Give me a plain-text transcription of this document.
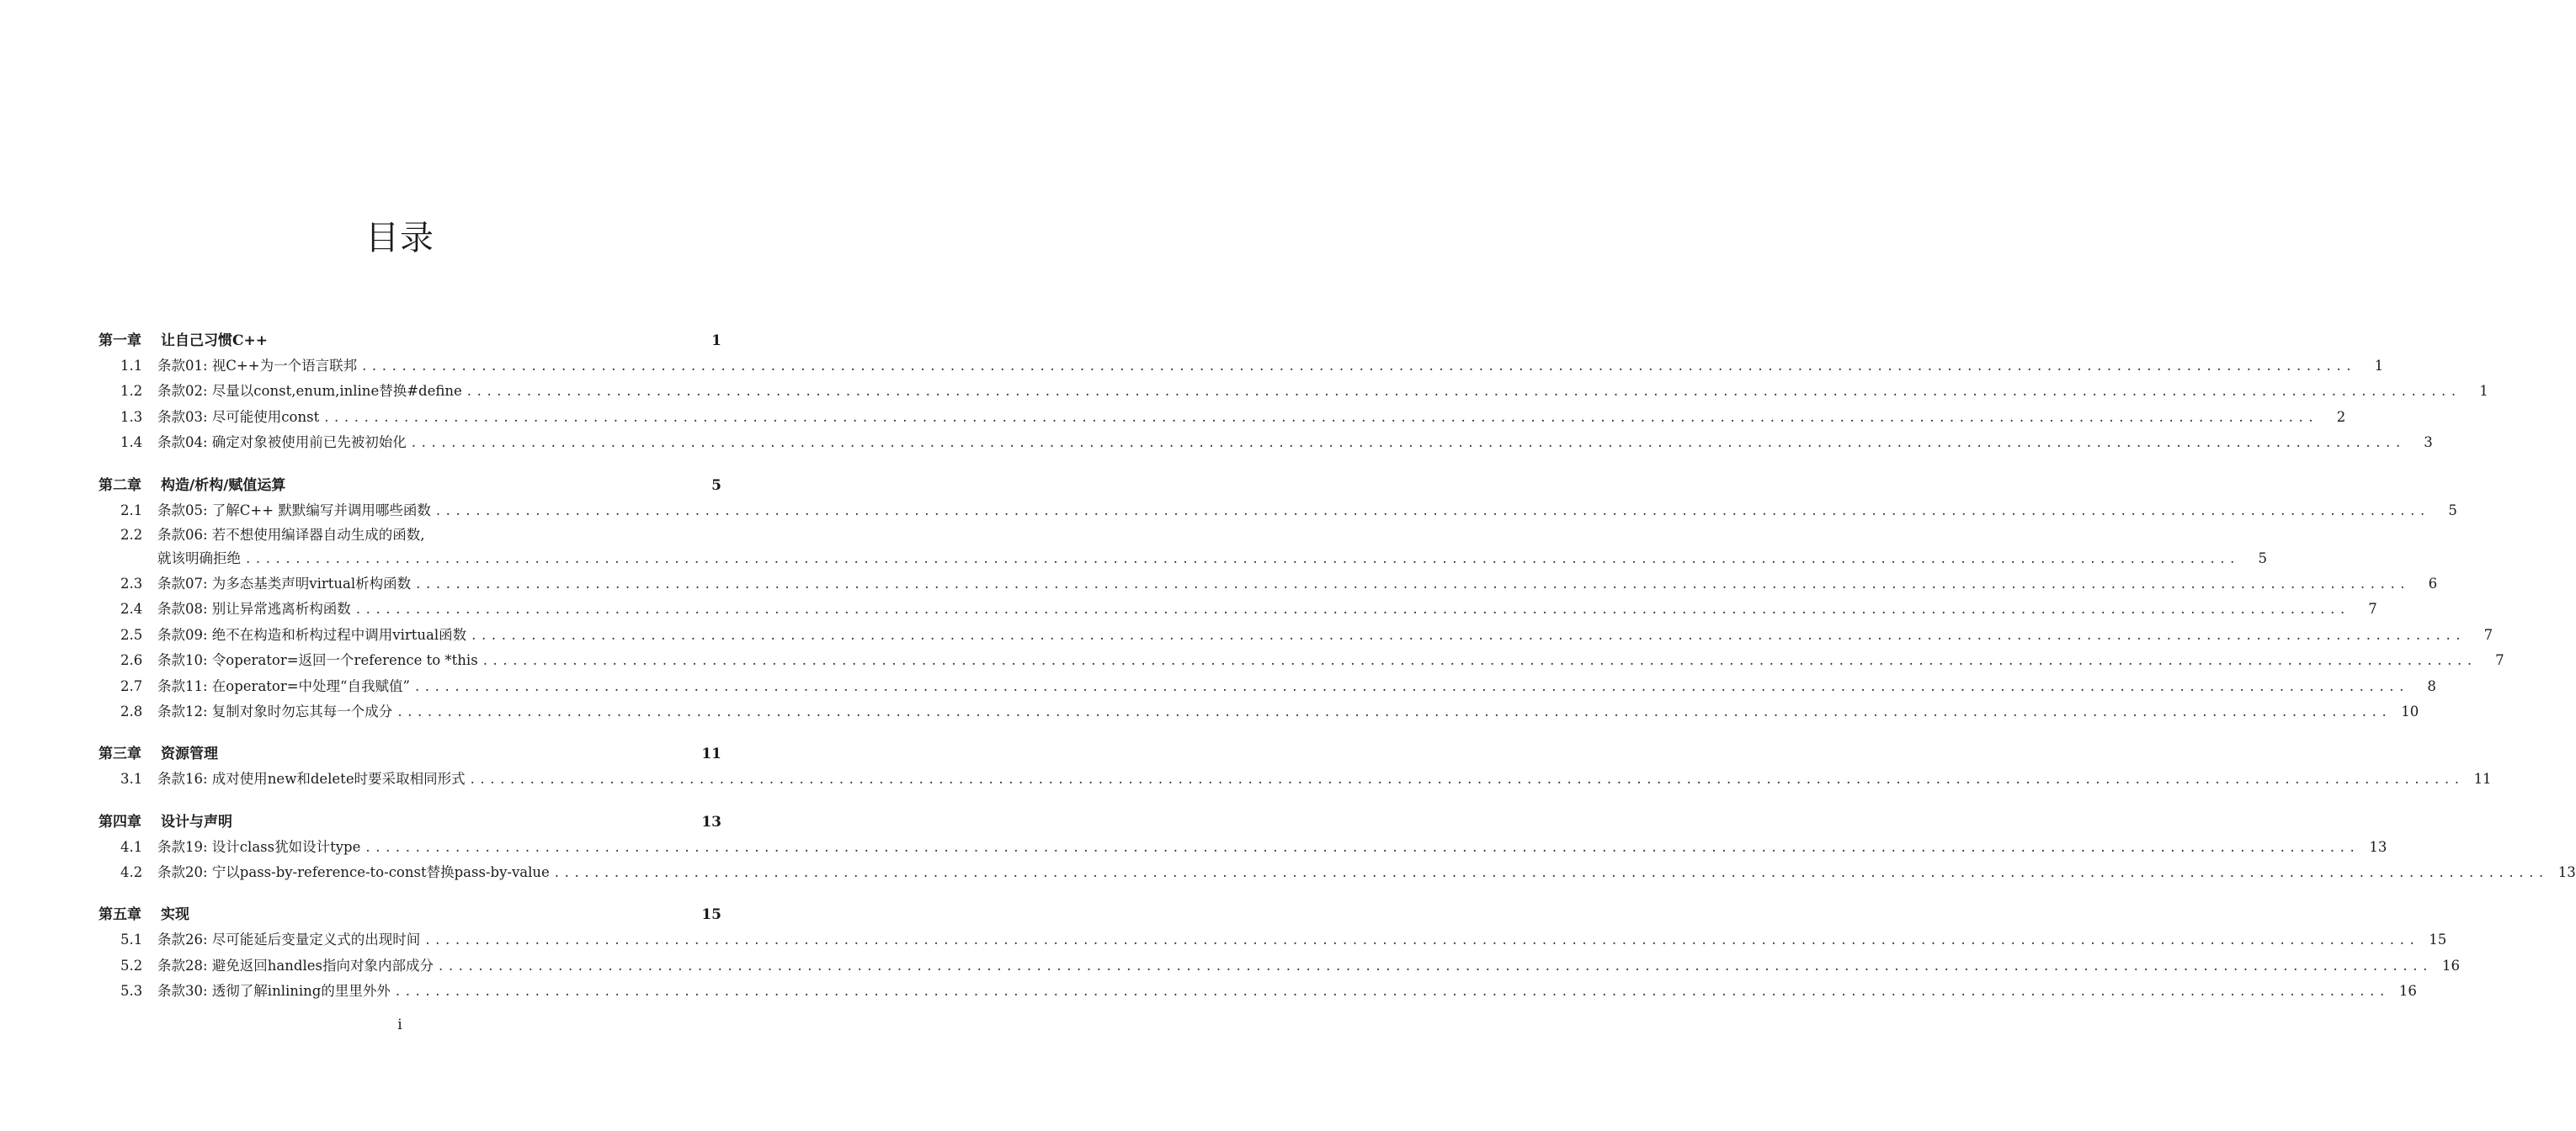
目录
第一章	让自己习惯C++	1
1.1	条款01: 视C++为一个语言联邦 ........................................................................................................................................................................................................	1
1.2	条款02: 尽量以const,enum,inline替换#define ........................................................................................................................................................................................................	1
1.3	条款03: 尽可能使用const ........................................................................................................................................................................................................	2
1.4	条款04: 确定对象被使用前已先被初始化 ........................................................................................................................................................................................................	3
第二章	构造/析构/赋值运算	5
2.1	条款05: 了解C++ 默默编写并调用哪些函数 ........................................................................................................................................................................................................	5
2.2	条款06: 若不想使用编译器自动生成的函数,
就该明确拒绝 ........................................................................................................................................................................................................	5
2.3	条款07: 为多态基类声明virtual析构函数 ........................................................................................................................................................................................................	6
2.4	条款08: 别让异常逃离析构函数 ........................................................................................................................................................................................................	7
2.5	条款09: 绝不在构造和析构过程中调用virtual函数 ........................................................................................................................................................................................................	7
2.6	条款10: 令operator=返回一个reference to *this ........................................................................................................................................................................................................	7
2.7	条款11: 在operator=中处理“自我赋值” ........................................................................................................................................................................................................	8
2.8	条款12: 复制对象时勿忘其每一个成分 ........................................................................................................................................................................................................ 10
第三章	资源管理	11
3.1	条款16: 成对使用new和delete时要采取相同形式 ........................................................................................................................................................................................................ 11
第四章	设计与声明	13
4.1	条款19: 设计class犹如设计type ........................................................................................................................................................................................................ 13
4.2	条款20: 宁以pass-by-reference-to-const替换pass-by-value ........................................................................................................................................................................................................ 13
第五章	实现	15
5.1	条款26: 尽可能延后变量定义式的出现时间 ........................................................................................................................................................................................................ 15
5.2	条款28: 避免返回handles指向对象内部成分 ........................................................................................................................................................................................................ 16
5.3	条款30: 透彻了解inlining的里里外外 ........................................................................................................................................................................................................ 16
i
